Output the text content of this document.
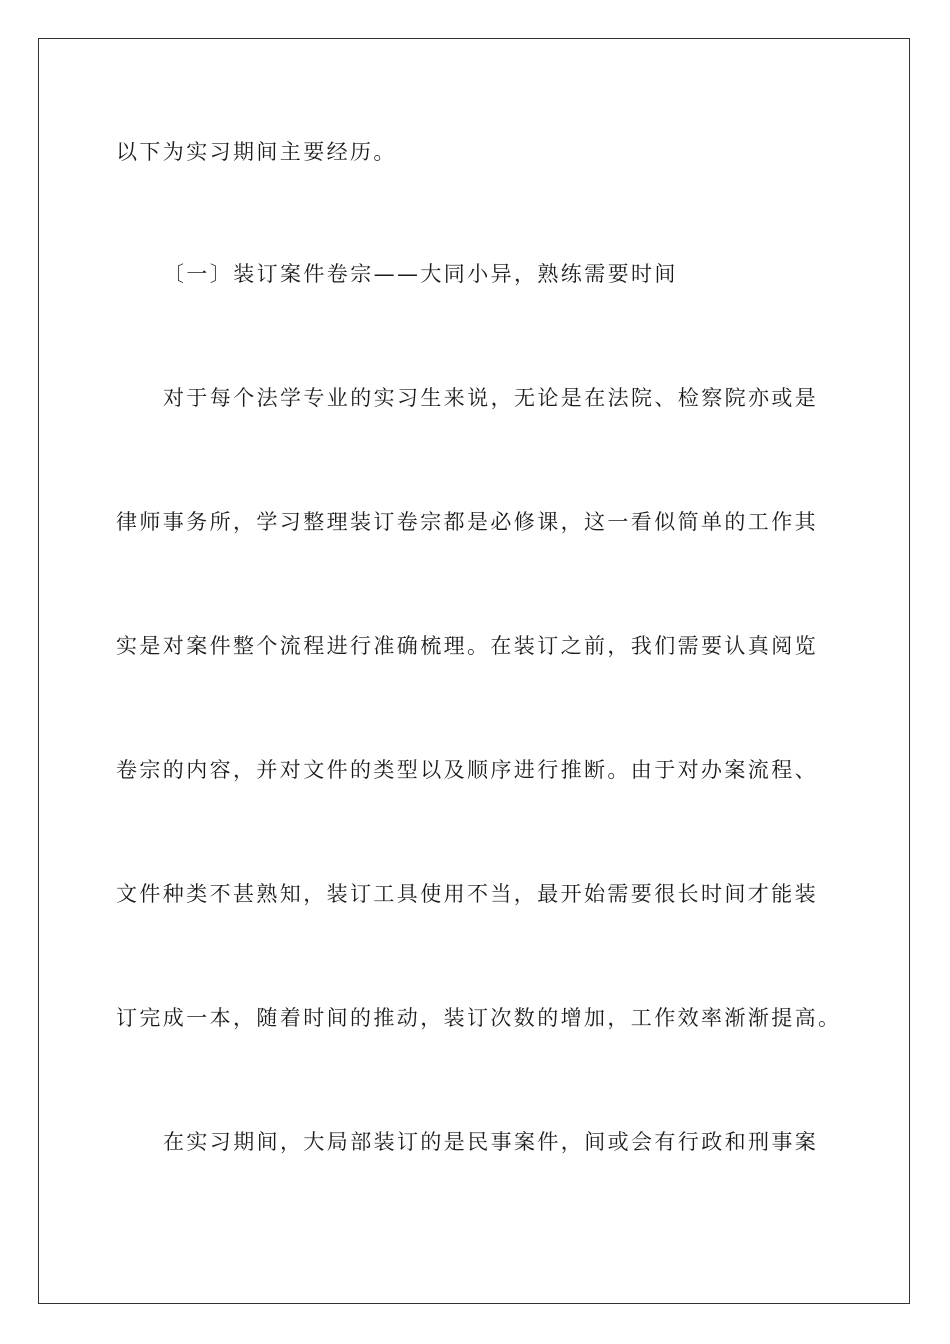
以下为实习期间主要经历。
〔一〕装订案件卷宗——大同小异，熟练需要时间
对于每个法学专业的实习生来说，无论是在法院、检察院亦或是
律师事务所，学习整理装订卷宗都是必修课，这一看似简单的工作其
实是对案件整个流程进行准确梳理。在装订之前，我们需要认真阅览
卷宗的内容，并对文件的类型以及顺序进行推断。由于对办案流程、
文件种类不甚熟知，装订工具使用不当，最开始需要很长时间才能装
订完成一本，随着时间的推动，装订次数的增加，工作效率渐渐提高。
在实习期间，大局部装订的是民事案件，间或会有行政和刑事案
